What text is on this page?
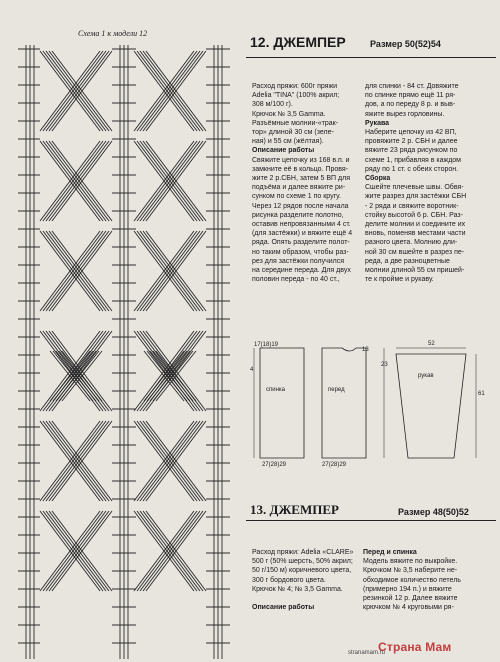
Схема 1 к модели 12
12. ДЖЕМПЕР	Размер 50(52)54

Расход пряжи: 600г пряжи

Adelia "TINA" (100% акрил;

308 м/100 г).

Крючок № 3,5 Gamma.

Разъёмные молнии-«трак-

тор» длиной 30 см (зеле-

ная) и 55 см (жёлтая).

Описание работы

Свяжите цепочку из 168 в.п. и

замкните её в кольцо. Провя-

жите 2 р.СБН, затем 5 ВП для

подъёма и далее вяжите ри-

сунком по схеме 1 по кругу.

Через 12 рядов после начала

рисунка разделите полотно,

оставив непровязанными 4 ст.

(для застёжки) и вяжите ещё 4

ряда. Опять разделите полот-

но таким образом, чтобы раз-

рез для застёжки получился

на середине переда. Для двух

половин переда - по 40 ст.,

для спинки - 84 ст. Довяжите

по спинке прямо ещё 11 ря-

дов, а по переду 8 р. и выв-

яжите вырез горловины.

Рукава

Наберите цепочку из 42 ВП,

провяжите 2 р. СБН и далее

вяжите 23 ряда рисунком по

схеме 1, прибавляя в каждом

ряду по 1 ст. с обеих сторон.

Сборка

Сшейте плечевые швы. Обвя-

жите разрез для застёжки СБН

- 2 ряда и свяжите воротник-

стойку высотой 6 р. СБН. Раз-

делите молнии и соедините их

вновь, поменяв местами части

разного цвета. Молнию дли-

ной 30 см вшейте в разрез пе-

реда, а две разноцветные

молнии длиной 55 см пришей-

те к пройме и рукаву.

17(18)19
23
спинка	перед
рукав
52
61
27(28)29	27(28)29
4
13
13. ДЖЕМПЕР	Размер 48(50)52

Расход пряжи: Adelia «CLARE»

500 г (50% шерсть, 50% акрил;

50 г/150 м) коричневого цвета,

300 г бордового цвета.

Крючок № 4; № 3,5 Gamma.

Описание работы

Перед и спинка

Модель вяжите по выкройке.

Крючком № 3,5 наберите не-

обходимое количество петель

(примерно 194 п.) и вяжите

резинкой 12 р. Далее вяжите

крючком № 4 круговыми ря-

Страна Мам
stranamam.ru
